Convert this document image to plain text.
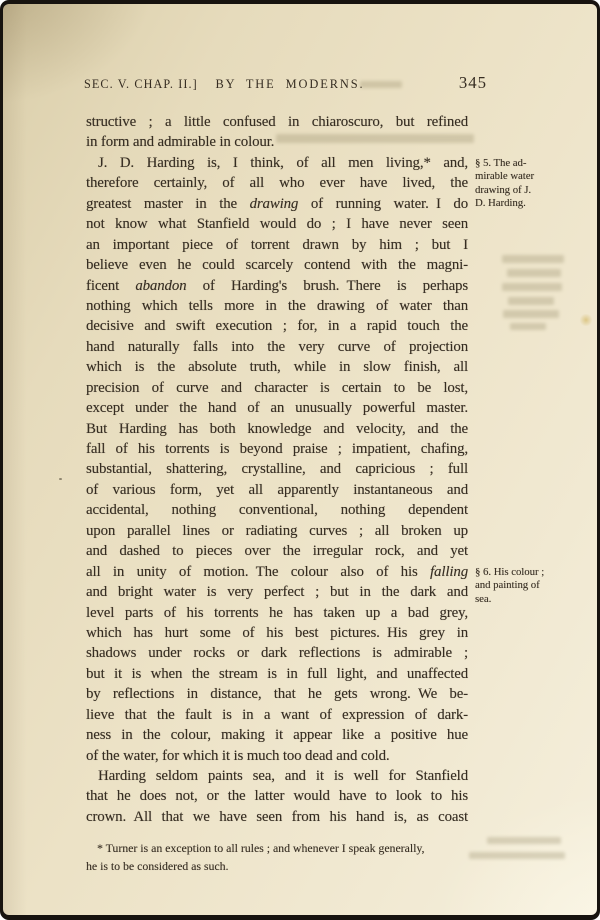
SEC. V. CHAP. II.]	BY THE MODERNS.	345
structive ; a little confused in chiaroscuro, but refined
in form and admirable in colour.
J. D. Harding is, I think, of all men living,* and,
therefore certainly, of all who ever have lived, the
greatest master in the drawing of running water. I do
not know what Stanfield would do ; I have never seen
an important piece of torrent drawn by him ; but I
believe even he could scarcely contend with the magni-
ficent abandon of Harding's brush. There is perhaps
nothing which tells more in the drawing of water than
decisive and swift execution ; for, in a rapid touch the
hand naturally falls into the very curve of projection
which is the absolute truth, while in slow finish, all
precision of curve and character is certain to be lost,
except under the hand of an unusually powerful master.
But Harding has both knowledge and velocity, and the
fall of his torrents is beyond praise ; impatient, chafing,
substantial, shattering, crystalline, and capricious ; full
of various form, yet all apparently instantaneous and
accidental, nothing conventional, nothing dependent
upon parallel lines or radiating curves ; all broken up
and dashed to pieces over the irregular rock, and yet
all in unity of motion. The colour also of his falling
and bright water is very perfect ; but in the dark and
level parts of his torrents he has taken up a bad grey,
which has hurt some of his best pictures. His grey in
shadows under rocks or dark reflections is admirable ;
but it is when the stream is in full light, and unaffected
by reflections in distance, that he gets wrong. We be-
lieve that the fault is in a want of expression of dark-
ness in the colour, making it appear like a positive hue
of the water, for which it is much too dead and cold.
Harding seldom paints sea, and it is well for Stanfield
that he does not, or the latter would have to look to his
crown. All that we have seen from his hand is, as coast
§ 5. The ad-
mirable water
drawing of J.
D. Harding.
§ 6. His colour ;
and painting of
sea.
* Turner is an exception to all rules ; and whenever I speak generally,
he is to be considered as such.
